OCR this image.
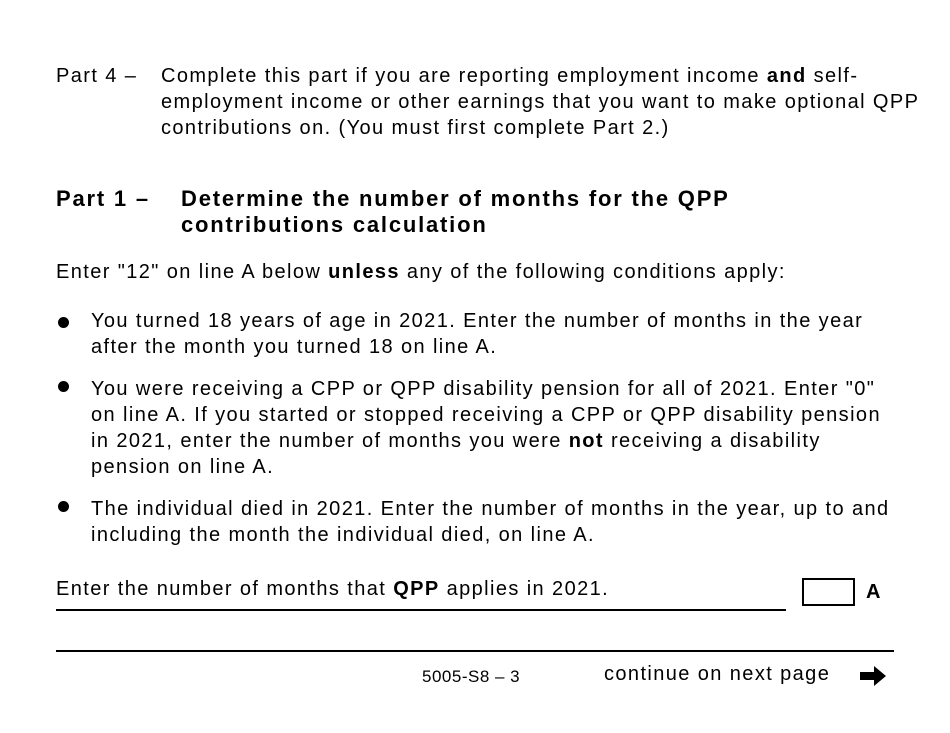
Part 4 – Complete this part if you are reporting employment income and self-employment income or other earnings that you want to make optional QPP contributions on. (You must first complete Part 2.)
Part 1 – Determine the number of months for the QPP contributions calculation
Enter "12" on line A below unless any of the following conditions apply:
You turned 18 years of age in 2021. Enter the number of months in the year after the month you turned 18 on line A.
You were receiving a CPP or QPP disability pension for all of 2021. Enter "0" on line A. If you started or stopped receiving a CPP or QPP disability pension in 2021, enter the number of months you were not receiving a disability pension on line A.
The individual died in 2021. Enter the number of months in the year, up to and including the month the individual died, on line A.
Enter the number of months that QPP applies in 2021.	A
5005-S8 – 3	continue on next page
